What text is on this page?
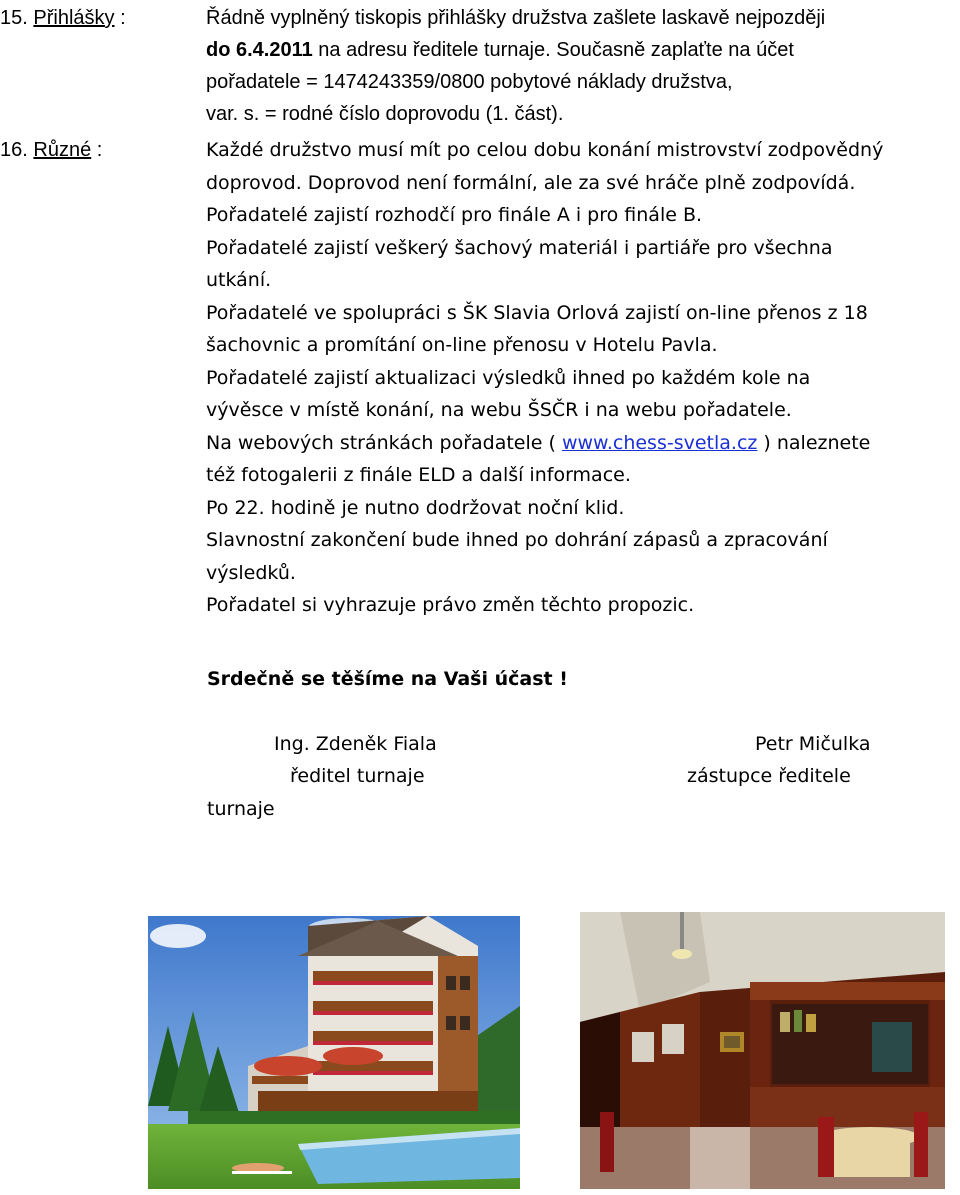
15. Přihlášky :	Řádně vyplněný tiskopis přihlášky družstva zašlete laskavě nejpozději
do 6.4.2011 na adresu ředitele turnaje. Současně zaplaťte na účet
pořadatele = 1474243359/0800 pobytové náklady družstva,
var. s. = rodné číslo doprovodu (1. část).
16. Různé :	Každé družstvo musí mít po celou dobu konání mistrovství zodpovědný
doprovod. Doprovod není formální, ale za své hráče plně zodpovídá.
Pořadatelé zajistí rozhodčí pro finále A i pro finále B.
Pořadatelé zajistí veškerý šachový materiál i partiáře pro všechna
utkání.
Pořadatelé ve spolupráci s ŠK Slavia Orlová zajistí on-line přenos z 18
šachovnic a promítání on-line přenosu v Hotelu Pavla.
Pořadatelé zajistí aktualizaci výsledků ihned po každém kole na
vývěsce v místě konání, na webu ŠSČR i na webu pořadatele.
Na webových stránkách pořadatele ( www.chess-svetla.cz ) naleznete
též fotogalerii z finále ELD a další informace.
Po 22. hodině je nutno dodržovat noční klid.
Slavnostní zakončení bude ihned po dohrání zápasů a zpracování
výsledků.
Pořadatel si vyhrazuje právo změn těchto propozic.
Srdečně se těšíme na Vaši účast !
Ing. Zdeněk Fiala
ředitel turnaje
turnaje
Petr Mičulka
zástupce ředitele
